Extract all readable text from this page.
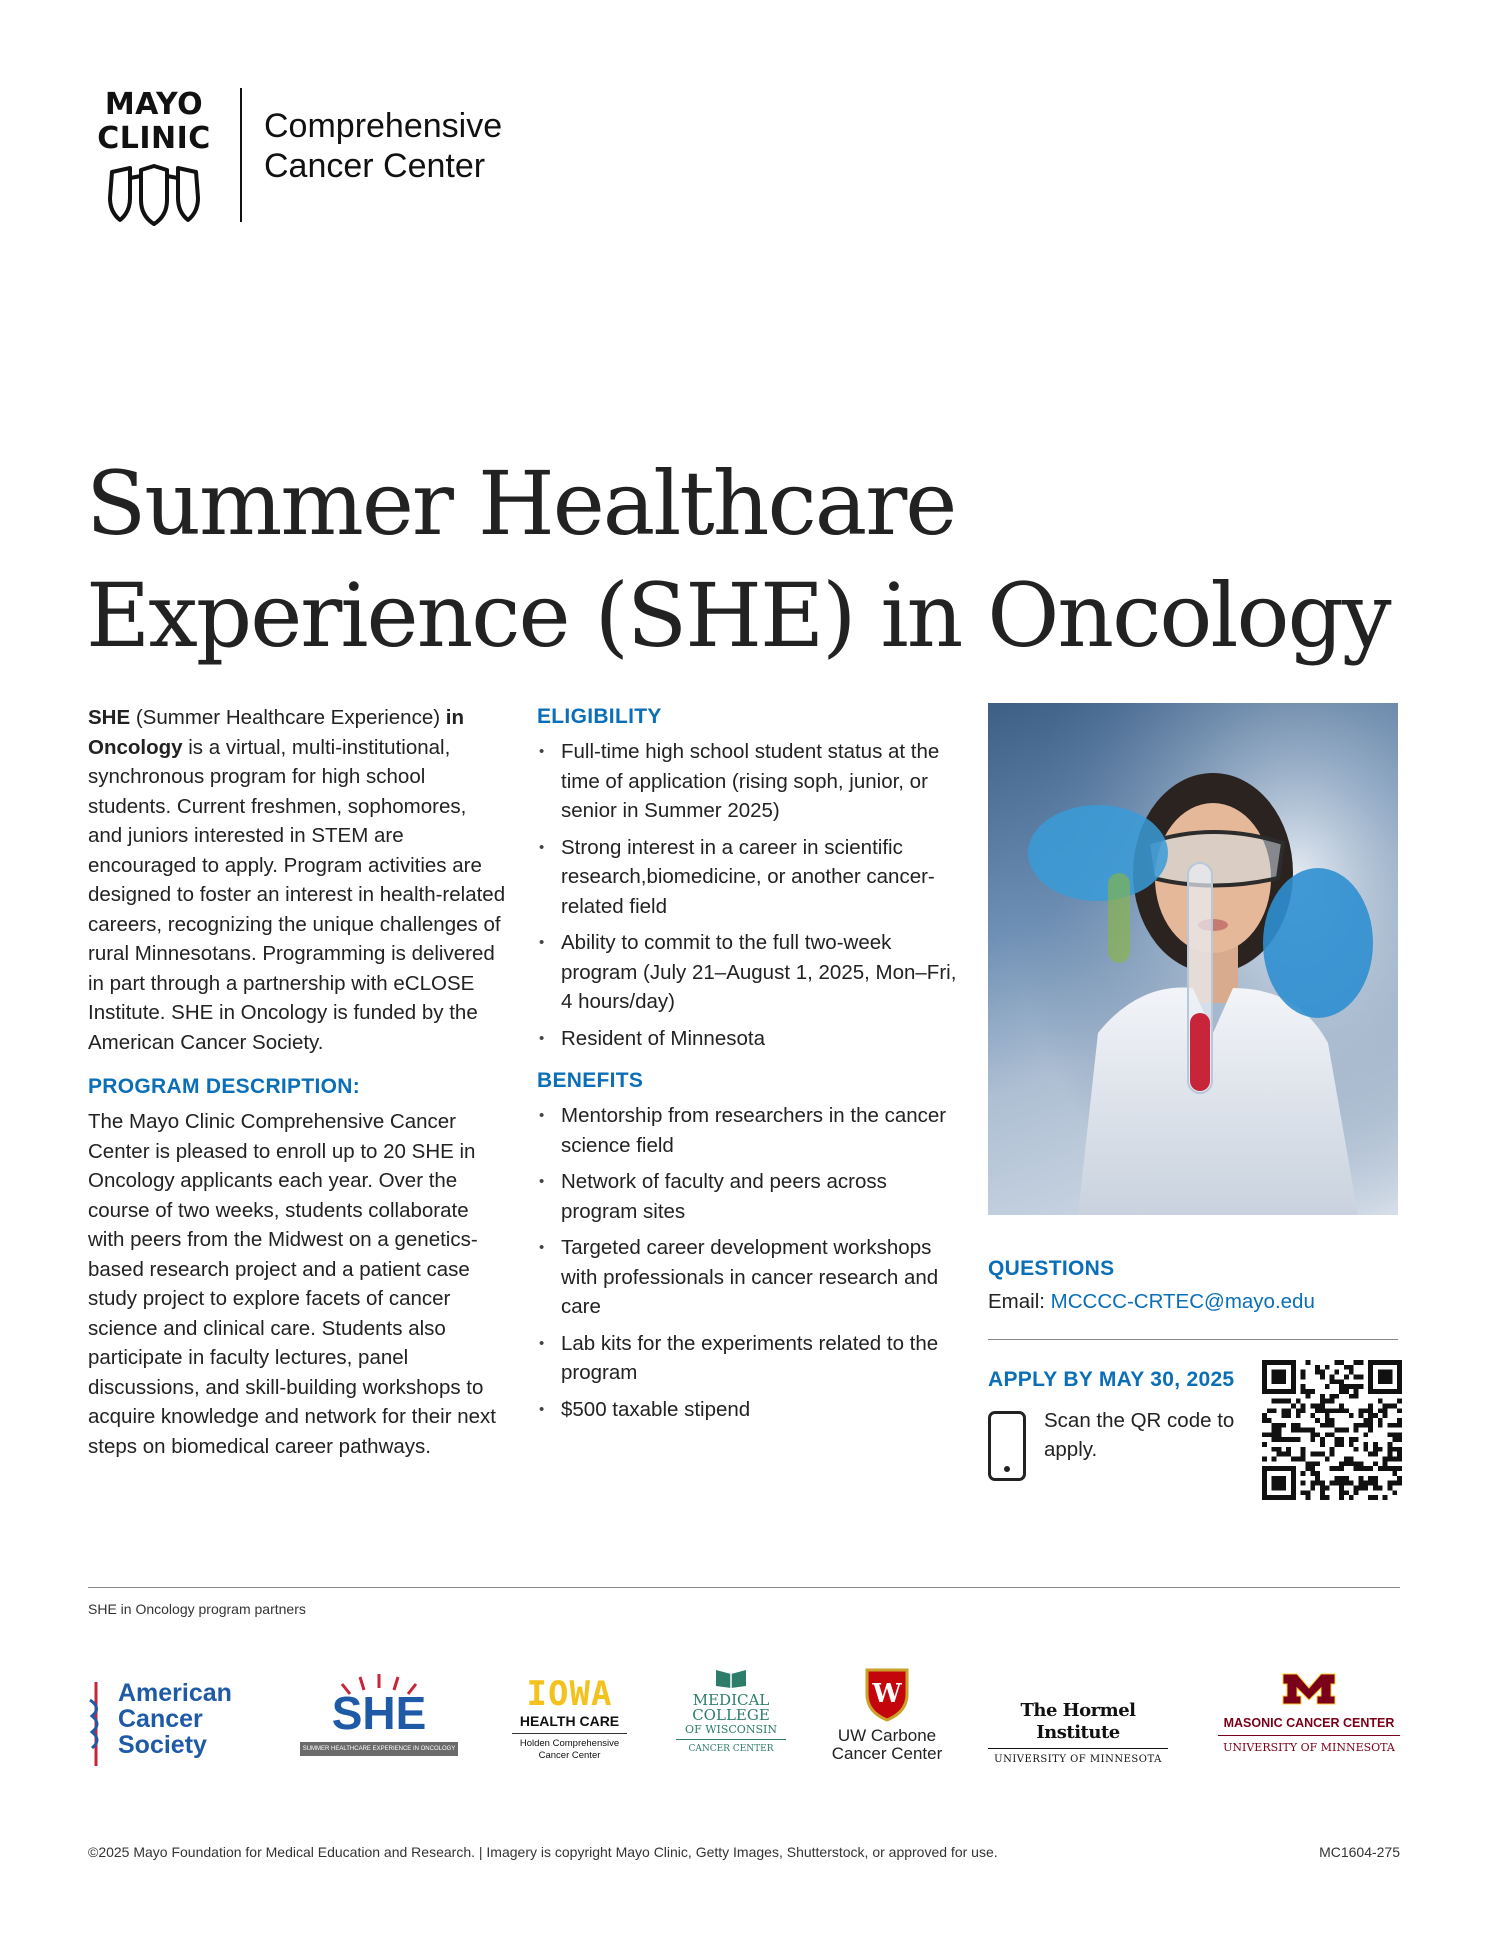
MAYO
CLINIC Comprehensive
Cancer Center
Summer Healthcare
Experience (SHE) in Oncology

SHE (Summer Healthcare Experience) in Oncology is a virtual, multi-institutional, synchronous program for high school students. Current freshmen, sophomores, and juniors interested in STEM are encouraged to apply. Program activities are designed to foster an interest in health-related careers, recognizing the unique challenges of rural Minnesotans. Programming is delivered in part through a partnership with eCLOSE Institute. SHE in Oncology is funded by the American Cancer Society.

PROGRAM DESCRIPTION:

The Mayo Clinic Comprehensive Cancer Center is pleased to enroll up to 20 SHE in Oncology applicants each year. Over the course of two weeks, students collaborate with peers from the Midwest on a genetics-based research project and a patient case study project to explore facets of cancer science and clinical care. Students also participate in faculty lectures, panel discussions, and skill-building workshops to acquire knowledge and network for their next steps on biomedical career pathways.

ELIGIBILITY
• Full-time high school student status at the time of application (rising soph, junior, or senior in Summer 2025)
• Strong interest in a career in scientific research,biomedicine, or another cancer-related field
• Ability to commit to the full two-week program (July 21–August 1, 2025, Mon–Fri, 4 hours/day)
• Resident of Minnesota
BENEFITS
• Mentorship from researchers in the cancer science field
• Network of faculty and peers across program sites
• Targeted career development workshops with professionals in cancer research and care
• Lab kits for the experiments related to the program
• $500 taxable stipend
QUESTIONS
Email: MCCCC-CRTEC@mayo.edu
APPLY BY MAY 30, 2025
Scan the QR code to apply.
SHE in Oncology program partners
American
Cancer
Society
SHE
SUMMER HEALTHCARE EXPERIENCE IN ONCOLOGY
IOWA
HEALTH CARE
Holden Comprehensive
Cancer Center
MEDICAL
COLLEGE
OF WISCONSIN
CANCER CENTER
W
UW Carbone
Cancer Center
The Hormel Institute
UNIVERSITY OF MINNESOTA
MASONIC CANCER CENTER
UNIVERSITY OF MINNESOTA
©2025 Mayo Foundation for Medical Education and Research. | Imagery is copyright Mayo Clinic, Getty Images, Shutterstock, or approved for use.	MC1604-275
